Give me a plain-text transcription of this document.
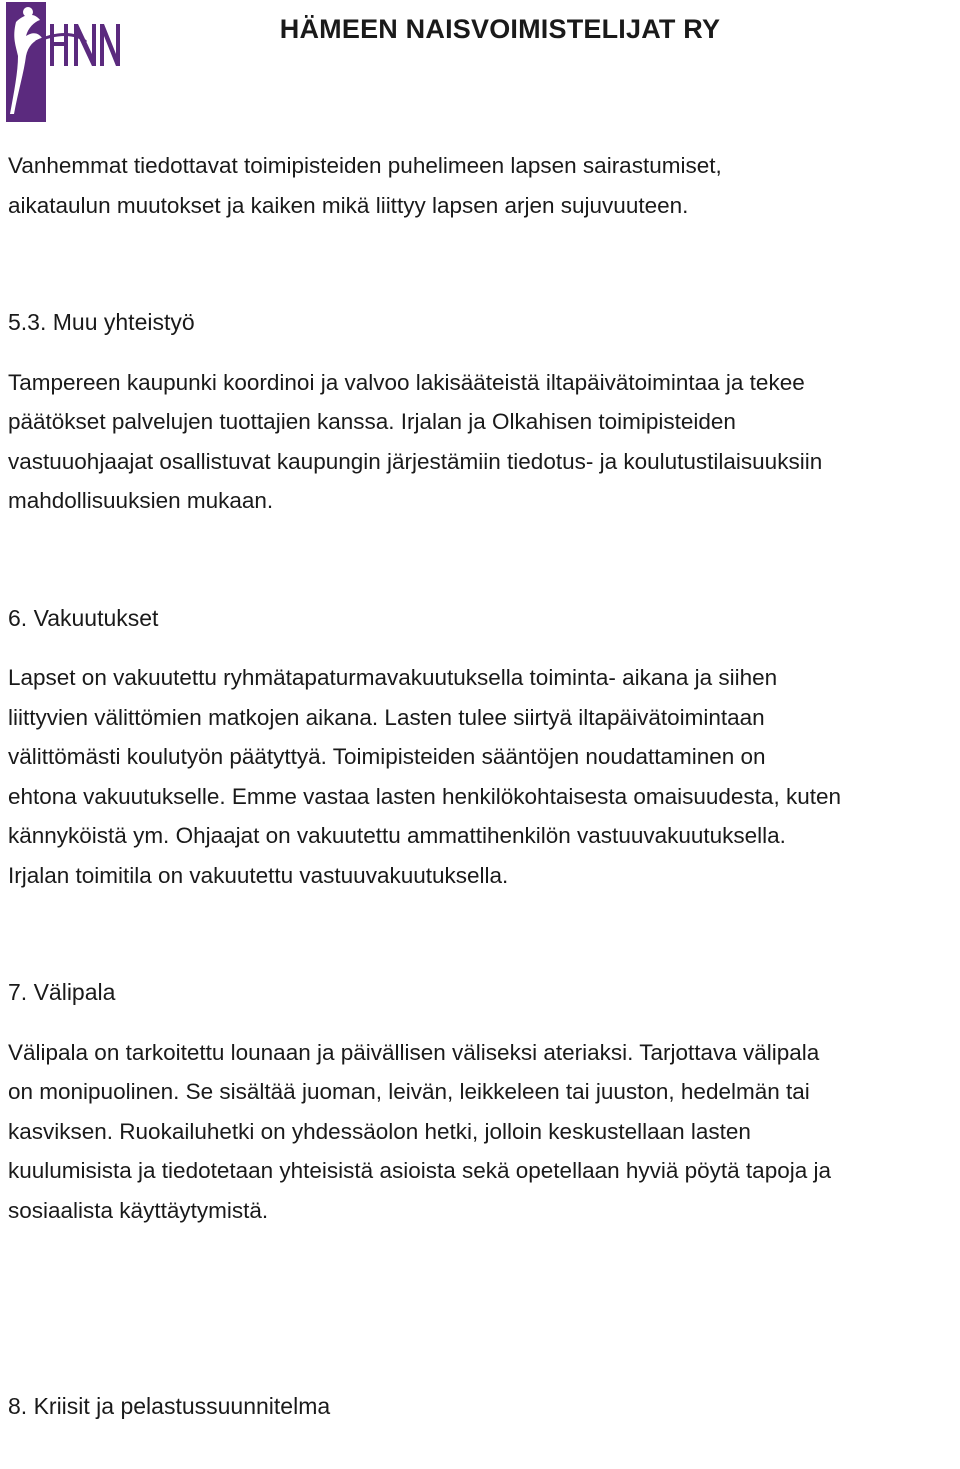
HÄMEEN NAISVOIMISTELIJAT RY

Vanhemmat tiedottavat toimipisteiden puhelimeen lapsen sairastumiset,

aikataulun muutokset ja kaiken mikä liittyy lapsen arjen sujuvuuteen.

5.3. Muu yhteistyö

Tampereen kaupunki koordinoi ja valvoo lakisääteistä iltapäivätoimintaa ja tekee

päätökset palvelujen tuottajien kanssa. Irjalan ja Olkahisen toimipisteiden

vastuuohjaajat osallistuvat kaupungin järjestämiin tiedotus- ja koulutustilaisuuksiin

mahdollisuuksien mukaan.

6. Vakuutukset

Lapset on vakuutettu ryhmätapaturmavakuutuksella toiminta- aikana ja siihen

liittyvien välittömien matkojen aikana. Lasten tulee siirtyä iltapäivätoimintaan

välittömästi koulutyön päätyttyä. Toimipisteiden sääntöjen noudattaminen on

ehtona vakuutukselle. Emme vastaa lasten henkilökohtaisesta omaisuudesta, kuten

kännyköistä ym. Ohjaajat on vakuutettu ammattihenkilön vastuuvakuutuksella.

Irjalan toimitila on vakuutettu vastuuvakuutuksella.

7. Välipala

Välipala on tarkoitettu lounaan ja päivällisen väliseksi ateriaksi. Tarjottava välipala

on monipuolinen. Se sisältää juoman, leivän, leikkeleen tai juuston, hedelmän tai

kasviksen. Ruokailuhetki on yhdessäolon hetki, jolloin keskustellaan lasten

kuulumisista ja tiedotetaan yhteisistä asioista sekä opetellaan hyviä pöytä tapoja ja

sosiaalista käyttäytymistä.

8. Kriisit ja pelastussuunnitelma
